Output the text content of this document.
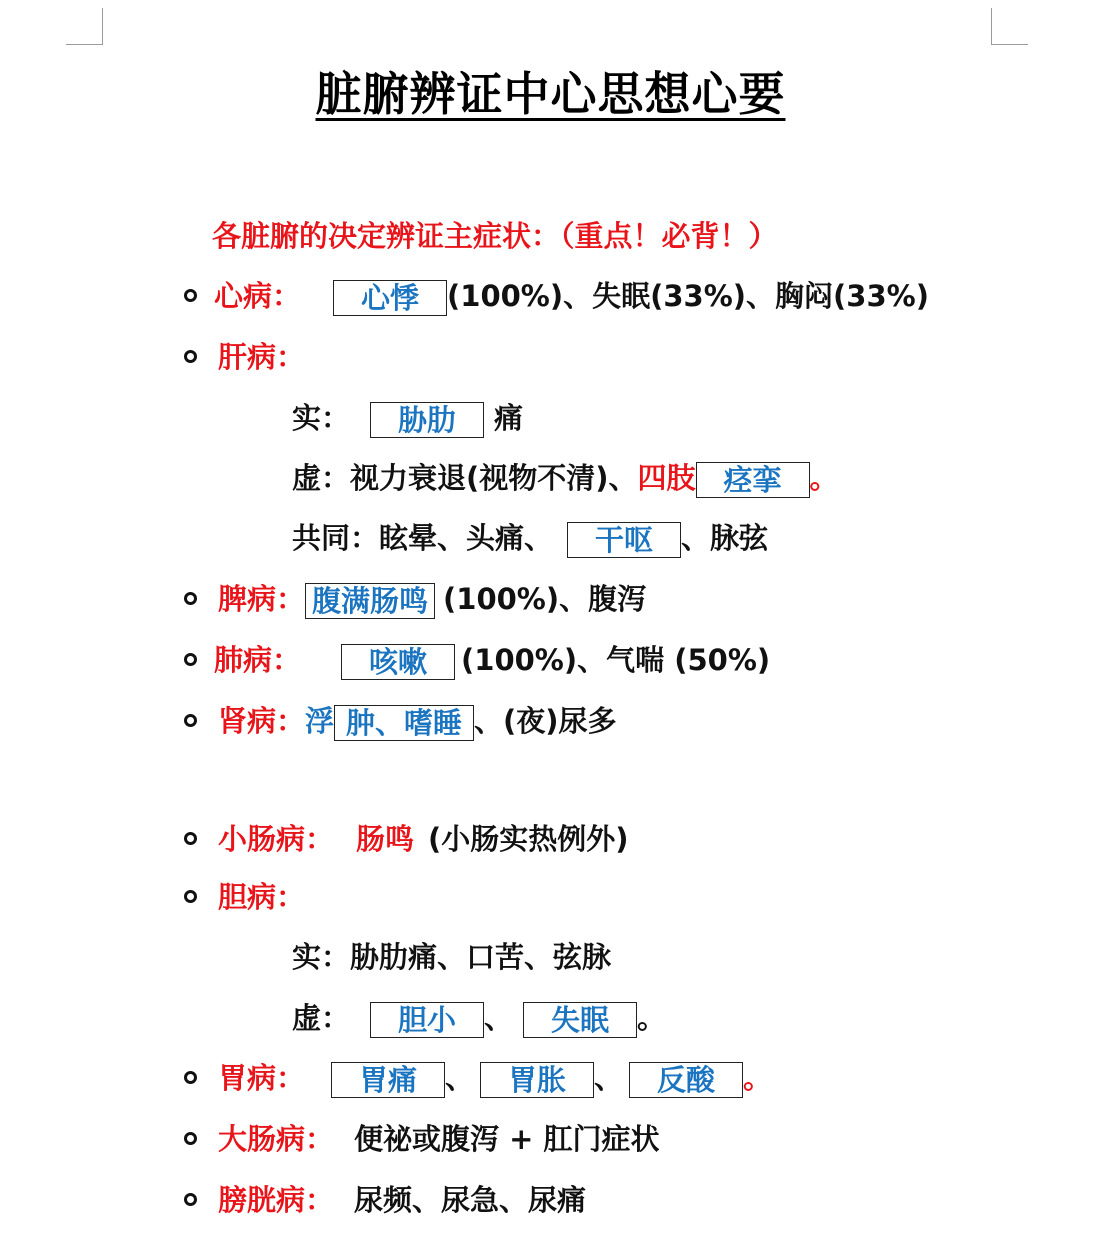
脏腑辨证中心思想心要
各脏腑的决定辨证主症状：（重点！必背！）
心病： 心悸 (100%)、失眠(33%)、胸闷(33%)
肝病：
实： 胁肋 痛
虚：视力衰退(视物不清)、四肢 痉挛 。
共同：眩晕、头痛、 干呕 、脉弦
脾病： 腹满肠鸣 (100%)、腹泻
肺病： 咳嗽 (100%)、气喘 (50%)
肾病：浮 肿、嗜睡 、(夜)尿多
小肠病： 肠鸣 (小肠实热例外)
胆病：
实：胁肋痛、口苦、弦脉
虚： 胆小 、 失眠 。
胃病： 胃痛 、 胃胀 、 反酸 。
大肠病： 便祕或腹泻 + 肛门症状
膀胱病： 尿频、尿急、尿痛
